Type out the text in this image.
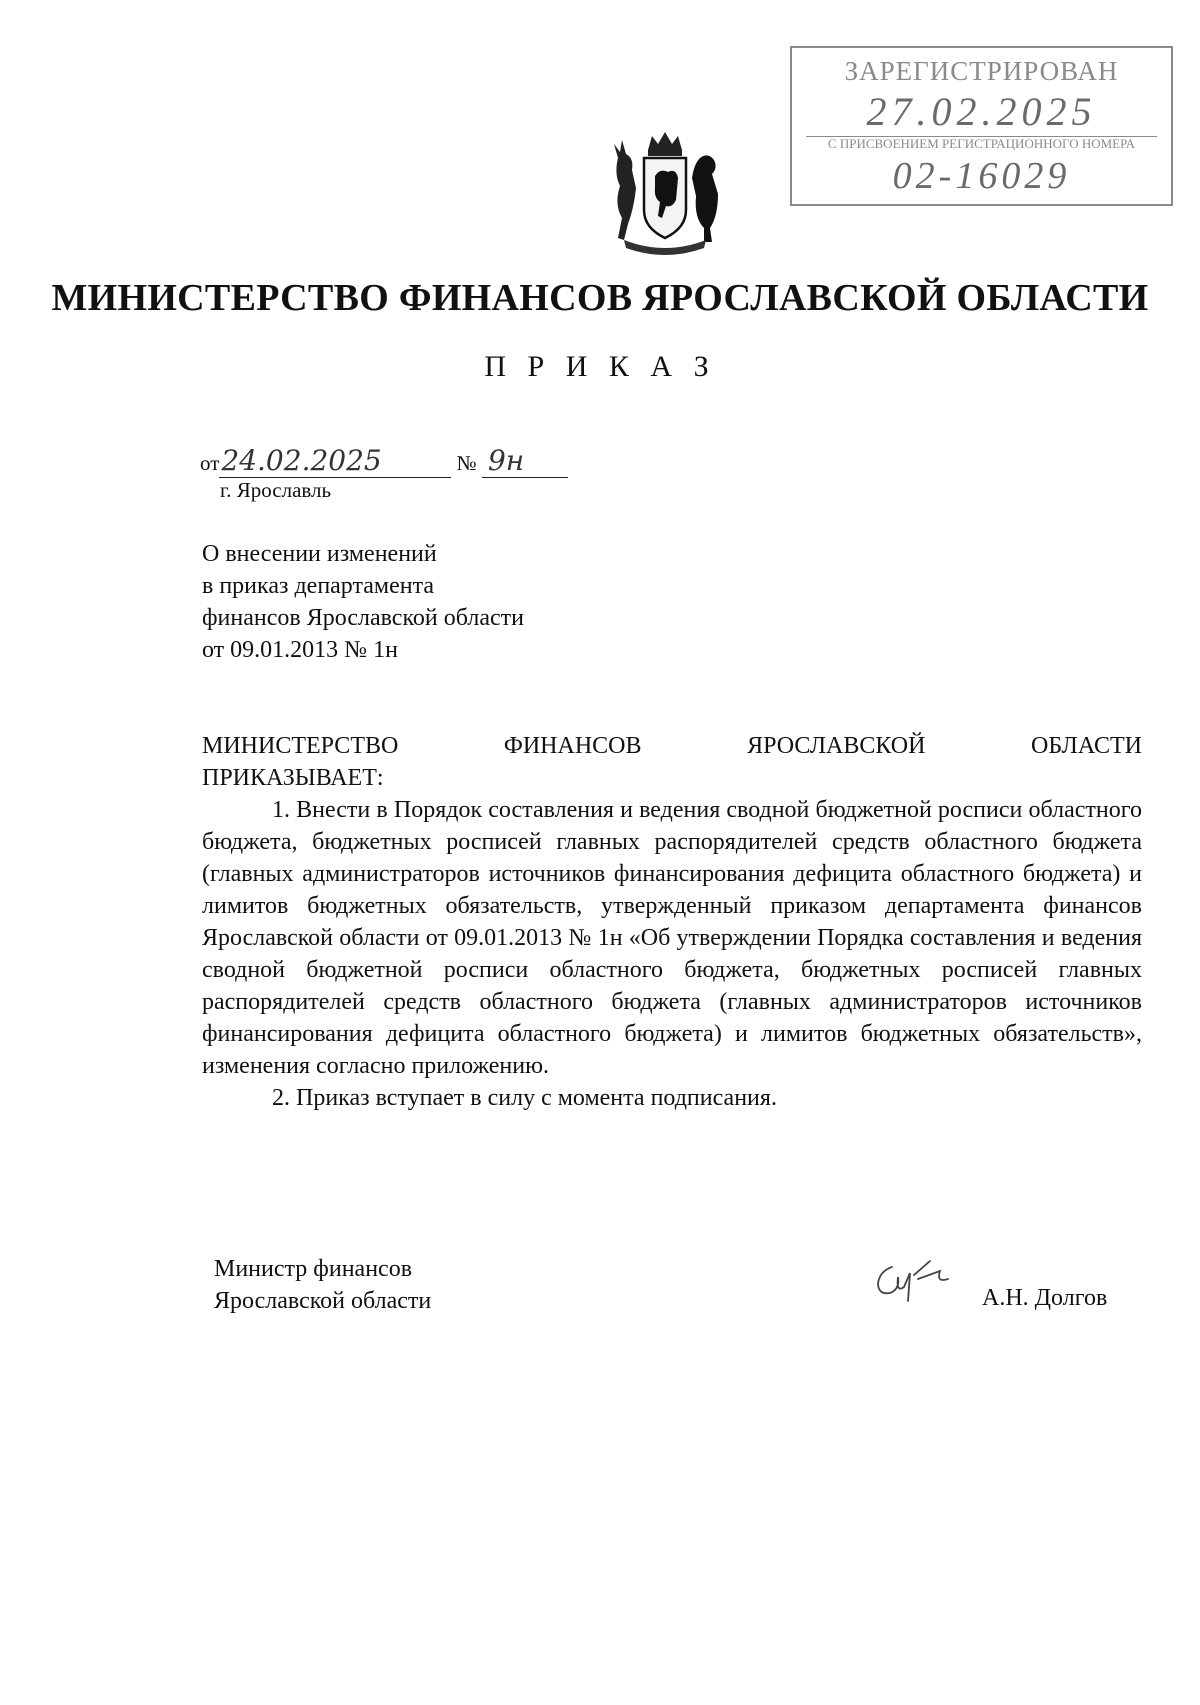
ЗАРЕГИСТРИРОВАН
27.02.2025
С ПРИСВОЕНИЕМ РЕГИСТРАЦИОННОГО НОМЕРА
02-16029
МИНИСТЕРСТВО ФИНАНСОВ ЯРОСЛАВСКОЙ ОБЛАСТИ
П Р И К А З
от24.02.2025	№ 9н
г. Ярославль
О внесении изменений
в приказ департамента
финансов Ярославской области
от 09.01.2013 № 1н
МИНИСТЕРСТВО	ФИНАНСОВ	ЯРОСЛАВСКОЙ	ОБЛАСТИ
ПРИКАЗЫВАЕТ:

1. Внести в Порядок составления и ведения сводной бюджетной росписи областного бюджета, бюджетных росписей главных распорядителей средств областного бюджета (главных администраторов источников финансирования дефицита областного бюджета) и лимитов бюджетных обязательств, утвержденный приказом департамента финансов Ярославской области от 09.01.2013 № 1н «Об утверждении Порядка составления и ведения сводной бюджетной росписи областного бюджета, бюджетных росписей главных распорядителей средств областного бюджета (главных администраторов источников финансирования дефицита областного бюджета) и лимитов бюджетных обязательств», изменения согласно приложению.

2. Приказ вступает в силу с момента подписания.

Министр финансов
Ярославской области	А.Н. Долгов
